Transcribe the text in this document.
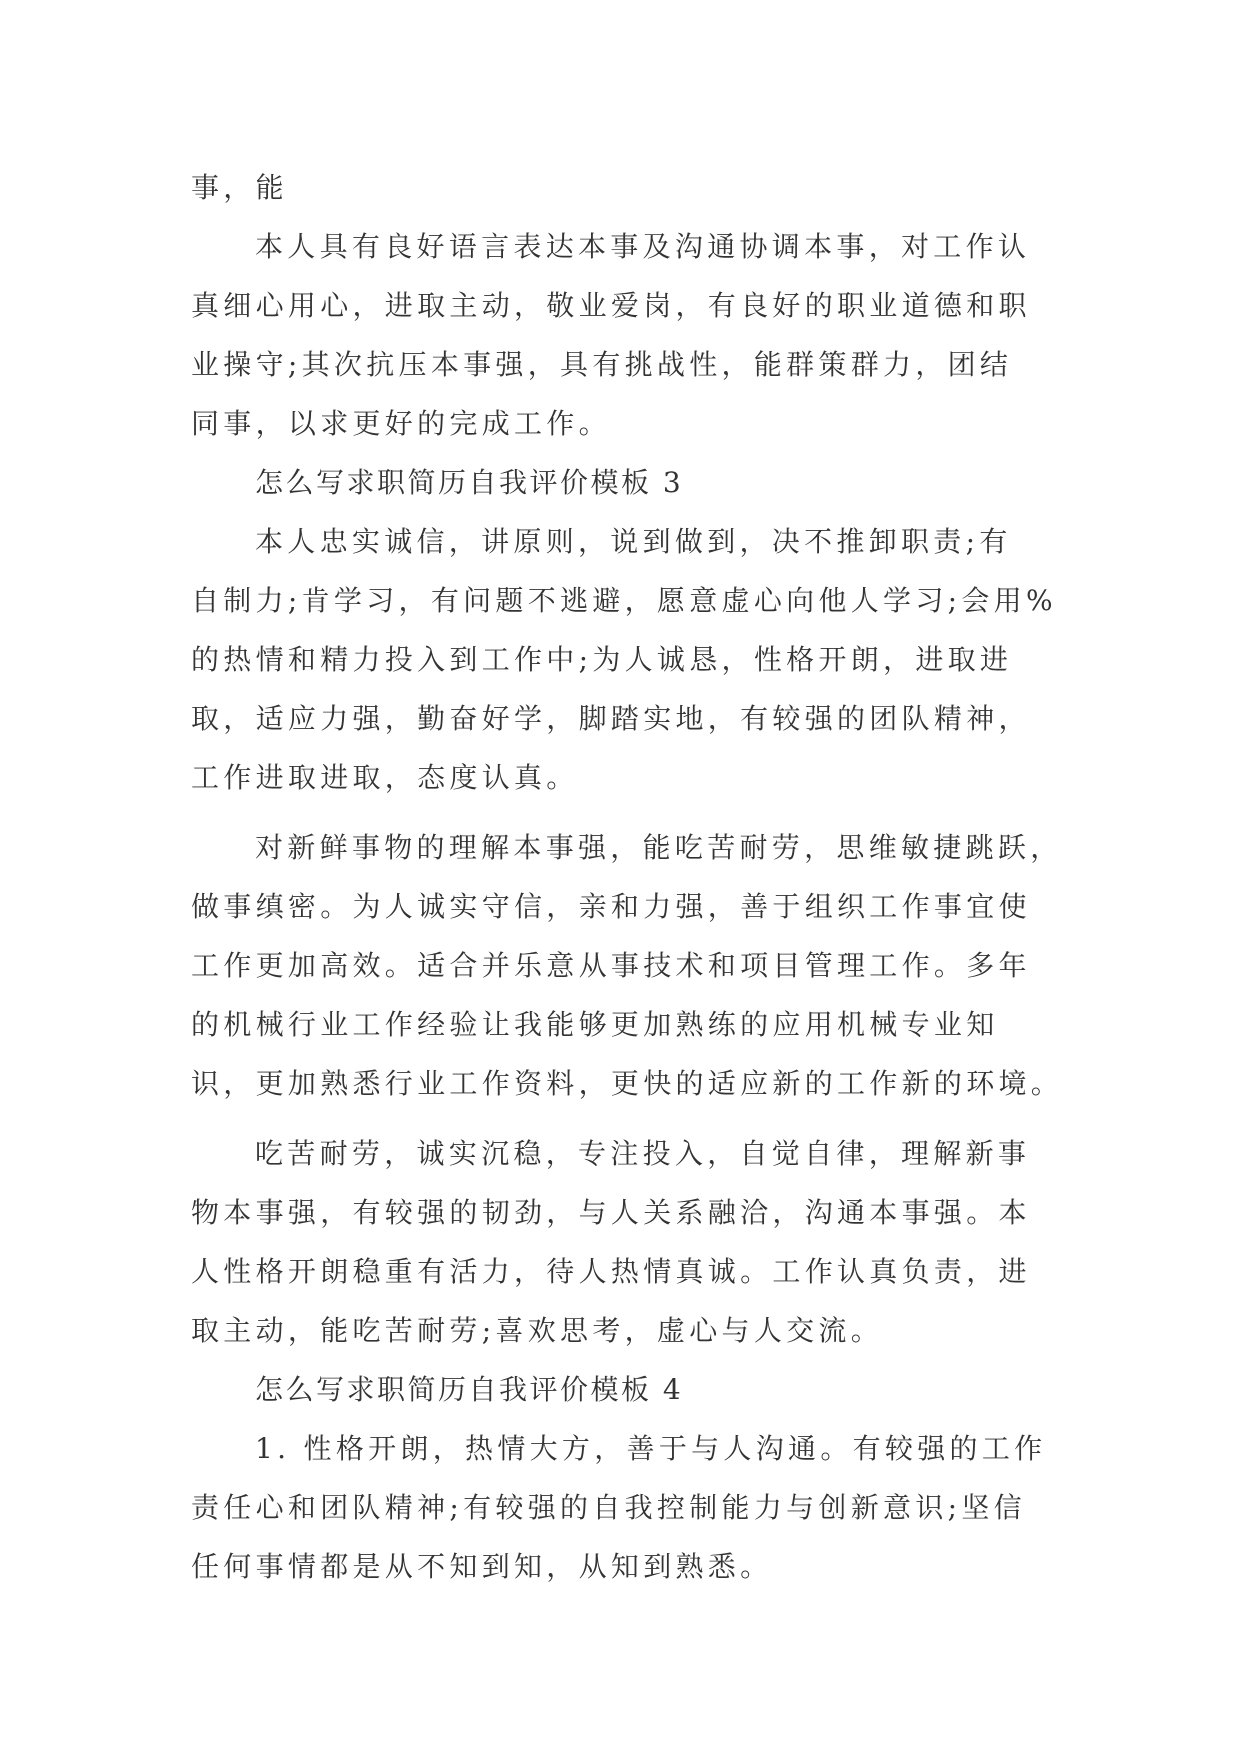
事，能
本人具有良好语言表达本事及沟通协调本事，对工作认
真细心用心，进取主动，敬业爱岗，有良好的职业道德和职
业操守;其次抗压本事强，具有挑战性，能群策群力，团结
同事，以求更好的完成工作。
怎么写求职简历自我评价模板 3
本人忠实诚信，讲原则，说到做到，决不推卸职责;有
自制力;肯学习，有问题不逃避，愿意虚心向他人学习;会用%
的热情和精力投入到工作中;为人诚恳，性格开朗，进取进
取，适应力强，勤奋好学，脚踏实地，有较强的团队精神，
工作进取进取，态度认真。
对新鲜事物的理解本事强，能吃苦耐劳，思维敏捷跳跃，
做事缜密。为人诚实守信，亲和力强，善于组织工作事宜使
工作更加高效。适合并乐意从事技术和项目管理工作。多年
的机械行业工作经验让我能够更加熟练的应用机械专业知
识，更加熟悉行业工作资料，更快的适应新的工作新的环境。
吃苦耐劳，诚实沉稳，专注投入，自觉自律，理解新事
物本事强，有较强的韧劲，与人关系融洽，沟通本事强。本
人性格开朗稳重有活力，待人热情真诚。工作认真负责，进
取主动，能吃苦耐劳;喜欢思考，虚心与人交流。
怎么写求职简历自我评价模板 4
1. 性格开朗，热情大方，善于与人沟通。有较强的工作
责任心和团队精神;有较强的自我控制能力与创新意识;坚信
任何事情都是从不知到知，从知到熟悉。
